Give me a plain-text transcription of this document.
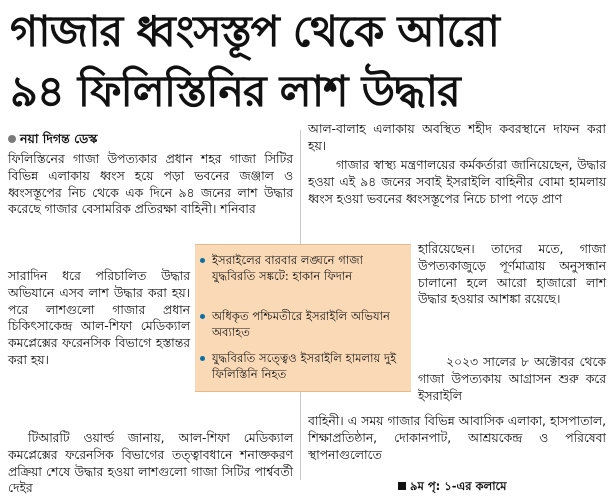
গাজার ধ্বংসস্তূপ থেকে আরো
৯৪ ফিলিস্তিনির লাশ উদ্ধার
নয়া দিগন্ত ডেস্ক

ফিলিস্তিনের গাজা উপত্যকার প্রধান শহর গাজা সিটির বিভিন্ন এলাকায় ধ্বংস হয়ে পড়া ভবনের জঞ্জাল ও ধ্বংসস্তূপের নিচ থেকে এক দিনে ৯৪ জনের লাশ উদ্ধার করেছে গাজার বেসামরিক প্রতিরক্ষা বাহিনী। শনিবার

সারাদিন ধরে পরিচালিত উদ্ধার অভিযানে এসব লাশ উদ্ধার করা হয়। পরে লাশগুলো গাজার প্রধান চিকিৎসাকেন্দ্র আল-শিফা মেডিক্যাল কমপ্লেক্সের ফরেনসিক বিভাগে হস্তান্তর করা হয়।

টিআরটি ওয়ার্ল্ড জানায়, আল-শিফা মেডিক্যাল কমপ্লেক্সের ফরেনসিক বিভাগের তত্ত্বাবধানে শনাক্তকরণ প্রক্রিয়া শেষে উদ্ধার হওয়া লাশগুলো গাজা সিটির পার্শ্ববর্তী দেইর

আল-বালাহ এলাকায় অবস্থিত শহীদ কবরস্থানে দাফন করা হয়।

গাজার স্বাস্থ্য মন্ত্রণালয়ের কর্মকর্তারা জানিয়েছেন, উদ্ধার হওয়া এই ৯৪ জনের সবাই ইসরাইলি বাহিনীর বোমা হামলায় ধ্বংস হওয়া ভবনের ধ্বংসস্তূপের নিচে চাপা পড়ে প্রাণ

হারিয়েছেন। তাদের মতে, গাজা উপত্যকাজুড়ে পূর্ণমাত্রায় অনুসন্ধান চালানো হলে আরো হাজারো লাশ উদ্ধার হওয়ার আশঙ্কা রয়েছে।

২০২৩ সালের ৮ অক্টোবর থেকে গাজা উপত্যকায় আগ্রাসন শুরু করে ইসরাইলি

বাহিনী। এ সময় গাজার বিভিন্ন আবাসিক এলাকা, হাসপাতাল, শিক্ষাপ্রতিষ্ঠান, দোকানপাট, আশ্রয়কেন্দ্র ও পরিষেবা স্থাপনাগুলোতে

৯ম পৃ: ১-এর কলামে
ইসরাইলের বারবার লঙ্ঘনে গাজা যুদ্ধবিরতি সঙ্কটে: হাকান ফিদান
অধিকৃত পশ্চিমতীরে ইসরাইলি অভিযান অব্যাহত
যুদ্ধবিরতি সত্ত্বেও ইসরাইলি হামলায় দুই ফিলিস্তিনি নিহত
